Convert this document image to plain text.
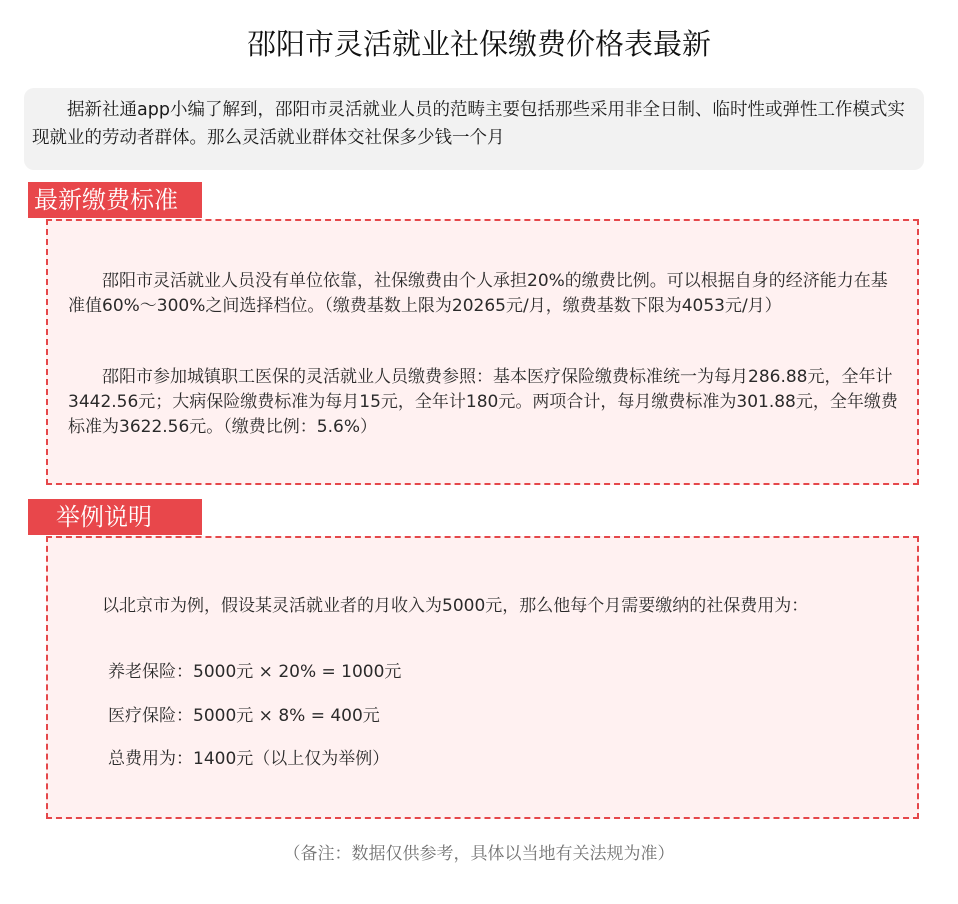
邵阳市灵活就业社保缴费价格表最新
据新社通app小编了解到，邵阳市灵活就业人员的范畴主要包括那些采用非全日制、临时性或弹性工作模式实现就业的劳动者群体。那么灵活就业群体交社保多少钱一个月
最新缴费标准

邵阳市灵活就业人员没有单位依靠，社保缴费由个人承担20%的缴费比例。可以根据自身的经济能力在基准值60%～300%之间选择档位。（缴费基数上限为20265元/月，缴费基数下限为4053元/月）

邵阳市参加城镇职工医保的灵活就业人员缴费参照：基本医疗保险缴费标准统一为每月286.88元，全年计3442.56元；大病保险缴费标准为每月15元，全年计180元。两项合计，每月缴费标准为301.88元，全年缴费标准为3622.56元。（缴费比例：5.6%）

举例说明

以北京市为例，假设某灵活就业者的月收入为5000元，那么他每个月需要缴纳的社保费用为：

养老保险：5000元 × 20% = 1000元

医疗保险：5000元 × 8% = 400元

总费用为：1400元（以上仅为举例）

（备注：数据仅供参考，具体以当地有关法规为准）
